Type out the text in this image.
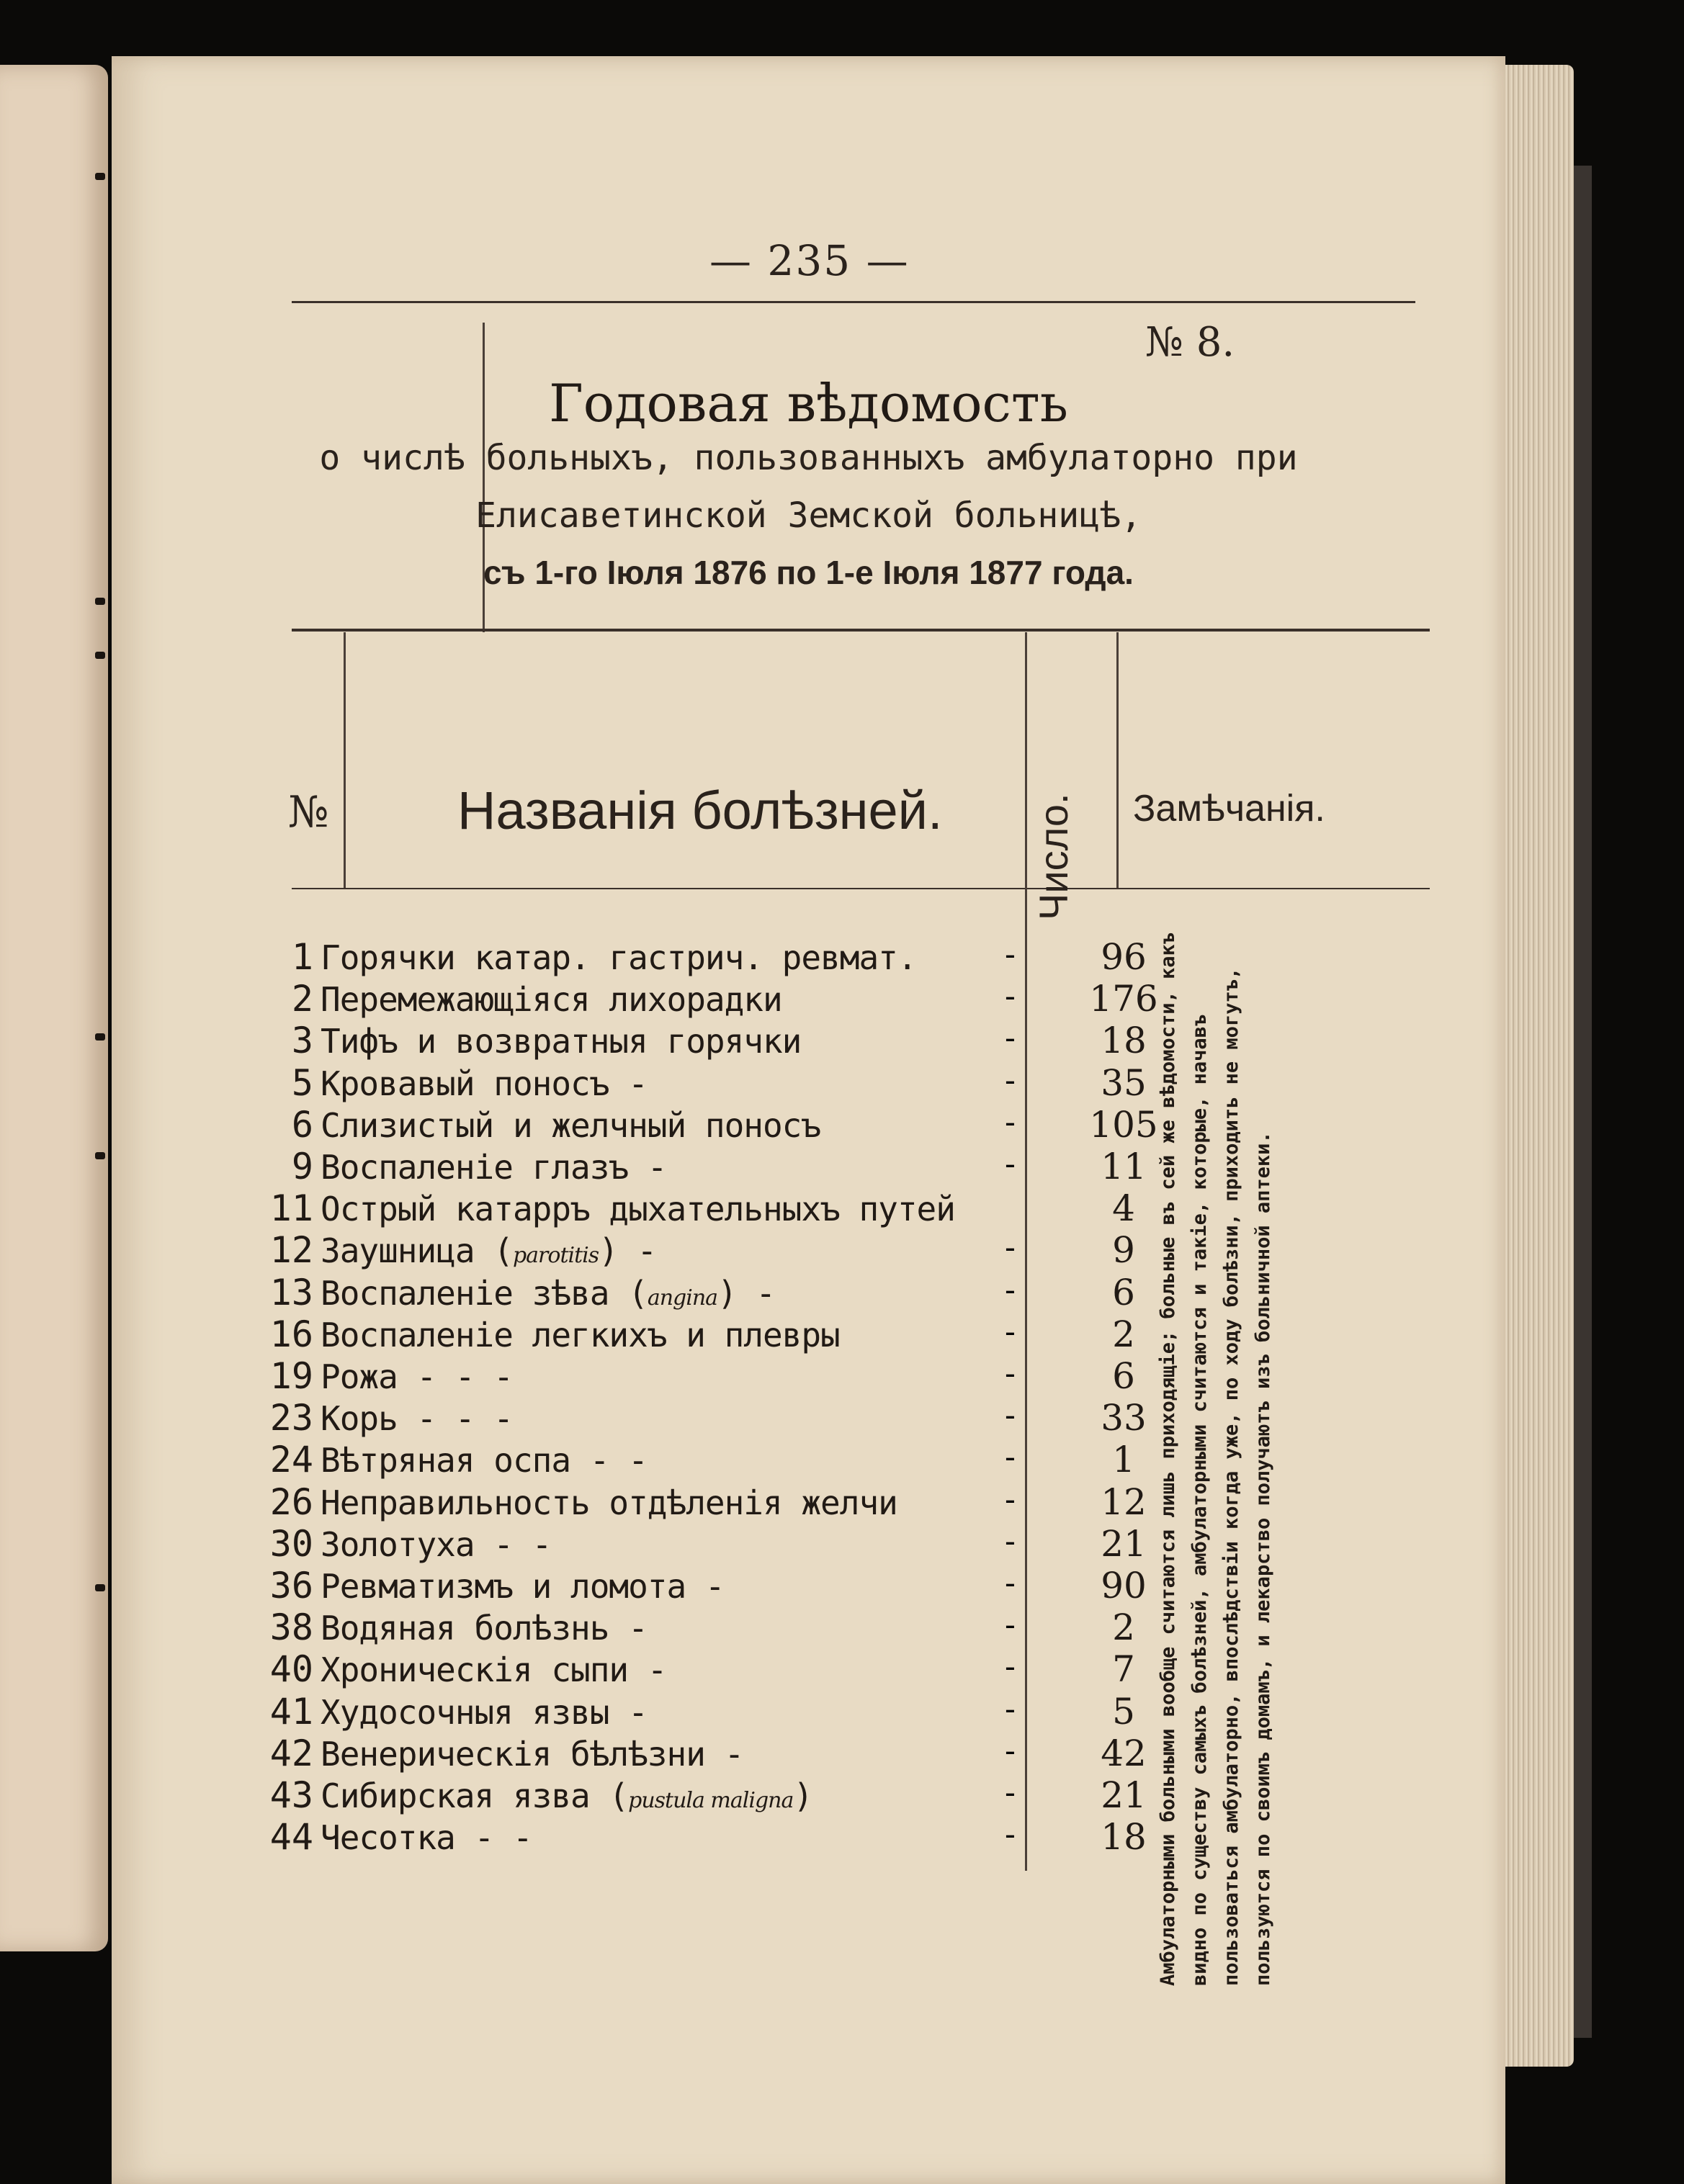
— 235 —
№ 8.
Годовая вѣдомость
о числѣ больныхъ, пользованныхъ амбулаторно при
Елисаветинской Земской больницѣ,
съ 1-го Іюля 1876 по 1-е Іюля 1877 года.
№ Названія болѣзней. Число. Замѣчанія.
1 Горячки катар. гастрич. ревмат.	-	96
2 Перемежающіяся лихорадки	-	176
3 Тифъ и возвратныя горячки	-	18
5 Кровавый поносъ -	-	35
6 Слизистый и желчный поносъ	-	105
9 Воспаленіе глазъ -	-	11
11 Острый катарръ дыхательныхъ путей	4
12 Заушница (parotitis) -	-	9
13 Воспаленіе зѣва (angina) -	-	6
16 Воспаленіе легкихъ и плевры	-	2
19 Рожа - - -	-	6
23 Корь - - -	-	33
24 Вѣтряная оспа - -	-	1
26 Неправильность отдѣленія желчи	-	12
30 Золотуха - -	-	21
36 Ревматизмъ и ломота -	-	90
38 Водяная болѣзнь -	-	2
40 Хроническія сыпи -	-	7
41 Худосочныя язвы -	-	5
42 Венерическія бѣлѣзни -	-	42
43 Сибирская язва (pustula maligna)	-	21
44 Чесотка - -	-	18 Амбулаторными больными вообще считаются лишь приходящіе; больные въ сей же вѣдомости, какъ видно по существу самыхъ болѣзней, амбулаторными считаются и такіе, которые, начавъ пользоваться амбулаторно, впослѣдствіи когда уже, по ходу болѣзни, приходить не могутъ, пользуются по своимъ домамъ, и лекарство получаютъ изъ больничной аптеки.
